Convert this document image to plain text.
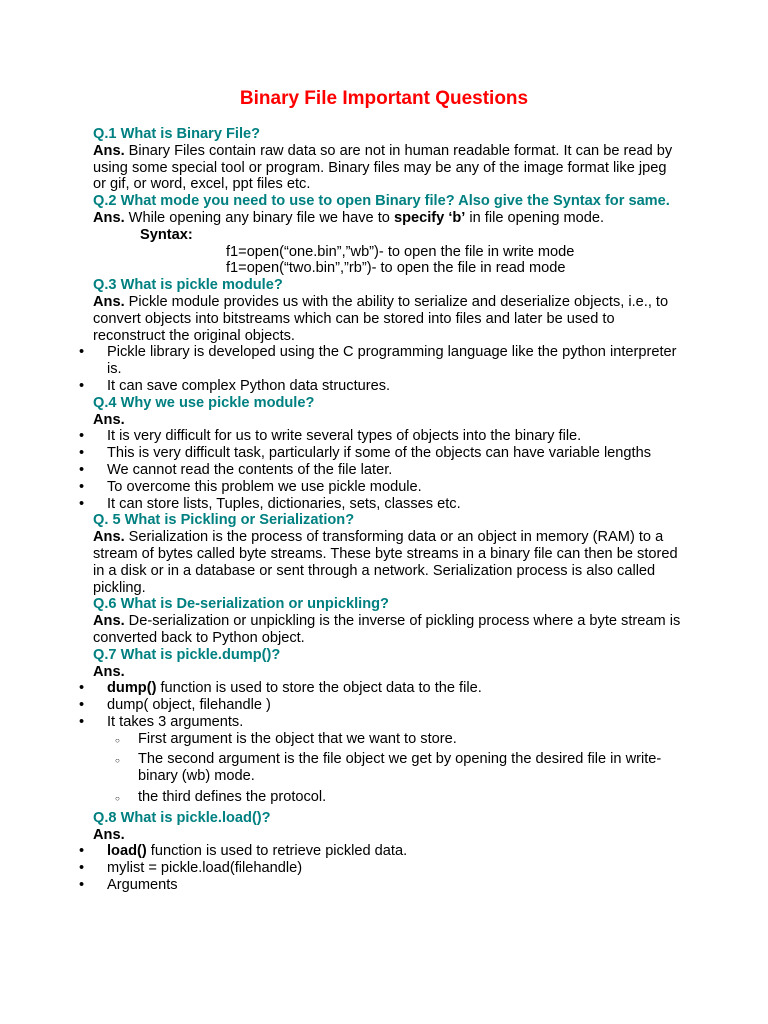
Binary File Important Questions
Q.1 What is Binary File?

Ans. Binary Files contain raw data so are not in human readable format. It can be read by using some special tool or program. Binary files may be any of the image format like jpeg or gif, or word, excel, ppt files etc.

Q.2 What mode you need to use to open Binary file? Also give the Syntax for same.

Ans. While opening any binary file we have to specify ‘b’ in file opening mode.

Syntax:
f1=open(“one.bin”,”wb”)- to open the file in write mode
f1=open(“two.bin”,”rb”)- to open the file in read mode
Q.3 What is pickle module?

Ans. Pickle module provides us with the ability to serialize and deserialize objects, i.e., to convert objects into bitstreams which can be stored into files and later be used to reconstruct the original objects.

• Pickle library is developed using the C programming language like the python interpreter is.
• It can save complex Python data structures.
Q.4 Why we use pickle module?
Ans.
• It is very difficult for us to write several types of objects into the binary file.
• This is very difficult task, particularly if some of the objects can have variable lengths
• We cannot read the contents of the file later.
• To overcome this problem we use pickle module.
• It can store lists, Tuples, dictionaries, sets, classes etc.
Q. 5 What is Pickling or Serialization?

Ans. Serialization is the process of transforming data or an object in memory (RAM) to a stream of bytes called byte streams. These byte streams in a binary file can then be stored in a disk or in a database or sent through a network. Serialization process is also called pickling.

Q.6 What is De-serialization or unpickling?

Ans. De-serialization or unpickling is the inverse of pickling process where a byte stream is converted back to Python object.

Q.7 What is pickle.dump()?
Ans.
• dump() function is used to store the object data to the file.
• dump( object, filehandle )
• It takes 3 arguments.
○ First argument is the object that we want to store.
○ The second argument is the file object we get by opening the desired file in write-binary (wb) mode.
○ the third defines the protocol.
Q.8 What is pickle.load()?
Ans.
• load() function is used to retrieve pickled data.
• mylist = pickle.load(filehandle)
• Arguments
